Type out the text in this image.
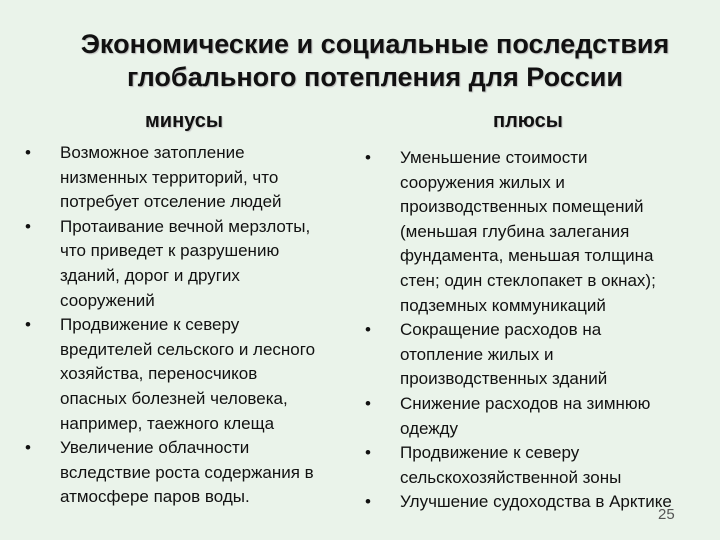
Экономические и социальные последствия
глобального потепления для России
минусы	плюсы
• Возможное затопление
низменных территорий, что
потребует отселение людей
• Протаивание вечной мерзлоты,
что приведет к разрушению
зданий, дорог и других
сооружений
• Продвижение к северу
вредителей сельского и лесного
хозяйства, переносчиков
опасных болезней человека,
например, таежного клеща
• Увеличение облачности
вследствие роста содержания в
атмосфере паров воды.
• Уменьшение стоимости
сооружения жилых и
производственных помещений
(меньшая глубина залегания
фундамента, меньшая толщина
стен; один стеклопакет в окнах);
подземных коммуникаций
• Сокращение расходов на
отопление жилых и
производственных зданий
• Снижение расходов на зимнюю
одежду
• Продвижение к северу
сельскохозяйственной зоны
• Улучшение судоходства в Арктике
25
